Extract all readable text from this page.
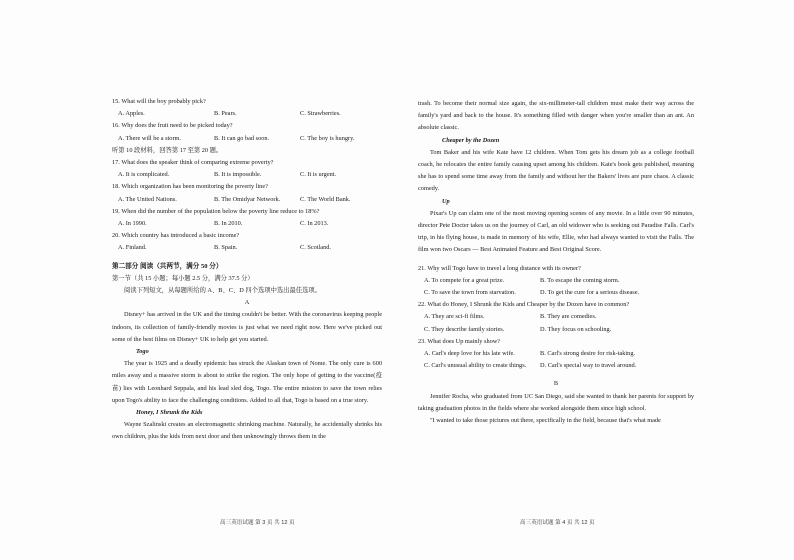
15. What will the boy probably pick?
A. Apples.	B. Pears.	C. Strawberries.
16. Why does the fruit need to be picked today?
A. There will be a storm.	B. It can go bad soon.	C. The boy is hungry.
听第 10 段材料，回答第 17 至第 20 题。
17. What does the speaker think of comparing extreme poverty?
A. It is complicated.	B. It is impossible.	C. It is urgent.
18. Which organization has been monitoring the poverty line?
A. The United Nations.	B. The Omidyar Network.	C. The World Bank.
19. When did the number of the population below the poverty line reduce to 18%?
A. In 1990.	B. In 2010.	C. In 2013.
20. Which country has introduced a basic income?
A. Finland.	B. Spain.	C. Scotland.
第二部分 阅读（共两节，满分 50 分）
第一节（共 15 小题；每小题 2.5 分，满分 37.5 分）
阅读下列短文，从每题所给的 A、B、C、D 四个选项中选出最佳选项。
A
Disney+ has arrived in the UK and the timing couldn't be better. With the coronavirus keeping people indoors, its collection of family-friendly movies is just what we need right now. Here we've picked out some of the best films on Disney+ UK to help get you started.
Togo
The year is 1925 and a deadly epidemic has struck the Alaskan town of Nome. The only cure is 600 miles away and a massive storm is about to strike the region. The only hope of getting to the vaccine(疫苗) lies with Leonhard Seppala, and his lead sled dog, Togo. The entire mission to save the town relies upon Togo's ability to face the challenging conditions. Added to all that, Togo is based on a true story.
Honey, I Shrunk the Kids
Wayne Szalinski creates an electromagnetic shrinking machine. Naturally, he accidentally shrinks his own children, plus the kids from next door and then unknowingly throws them in the
trash. To become their normal size again, the six-millimeter-tall children must make their way across the family's yard and back to the house. It's something filled with danger when you're smaller than an ant. An absolute classic.
Cheaper by the Dozen
Tom Baker and his wife Kate have 12 children. When Tom gets his dream job as a college football coach, he relocates the entire family causing upset among his children. Kate's book gets published, meaning she has to spend some time away from the family and without her the Bakers' lives are pure chaos. A classic comedy.
Up
Pixar's Up can claim one of the most moving opening scenes of any movie. In a little over 90 minutes, director Pete Docter takes us on the journey of Carl, an old widower who is seeking out Paradise Falls. Carl's trip, in his flying house, is made in memory of his wife, Ellie, who had always wanted to visit the Falls. The film won two Oscars — Best Animated Feature and Best Original Score.
21. Why will Togo have to travel a long distance with its owner?
A. To compete for a great prize.	B. To escape the coming storm.
C. To save the town from starvation.	D. To get the cure for a serious disease.
22. What do Honey, I Shrunk the Kids and Cheaper by the Dozen have in common?
A. They are sci-fi films.	B. They are comedies.
C. They describe family stories.	D. They focus on schooling.
23. What does Up mainly show?
A. Carl's deep love for his late wife.	B. Carl's strong desire for risk-taking.
C. Carl's unusual ability to create things.	D. Carl's special way to travel around.
B
Jennifer Rocha, who graduated from UC San Diego, said she wanted to thank her parents for support by taking graduation photos in the fields where she worked alongside them since high school.
"I wanted to take those pictures out there, specifically in the field, because that's what made
高三英语试题 第 3 页 共 12 页	高三英语试题 第 4 页 共 12 页
